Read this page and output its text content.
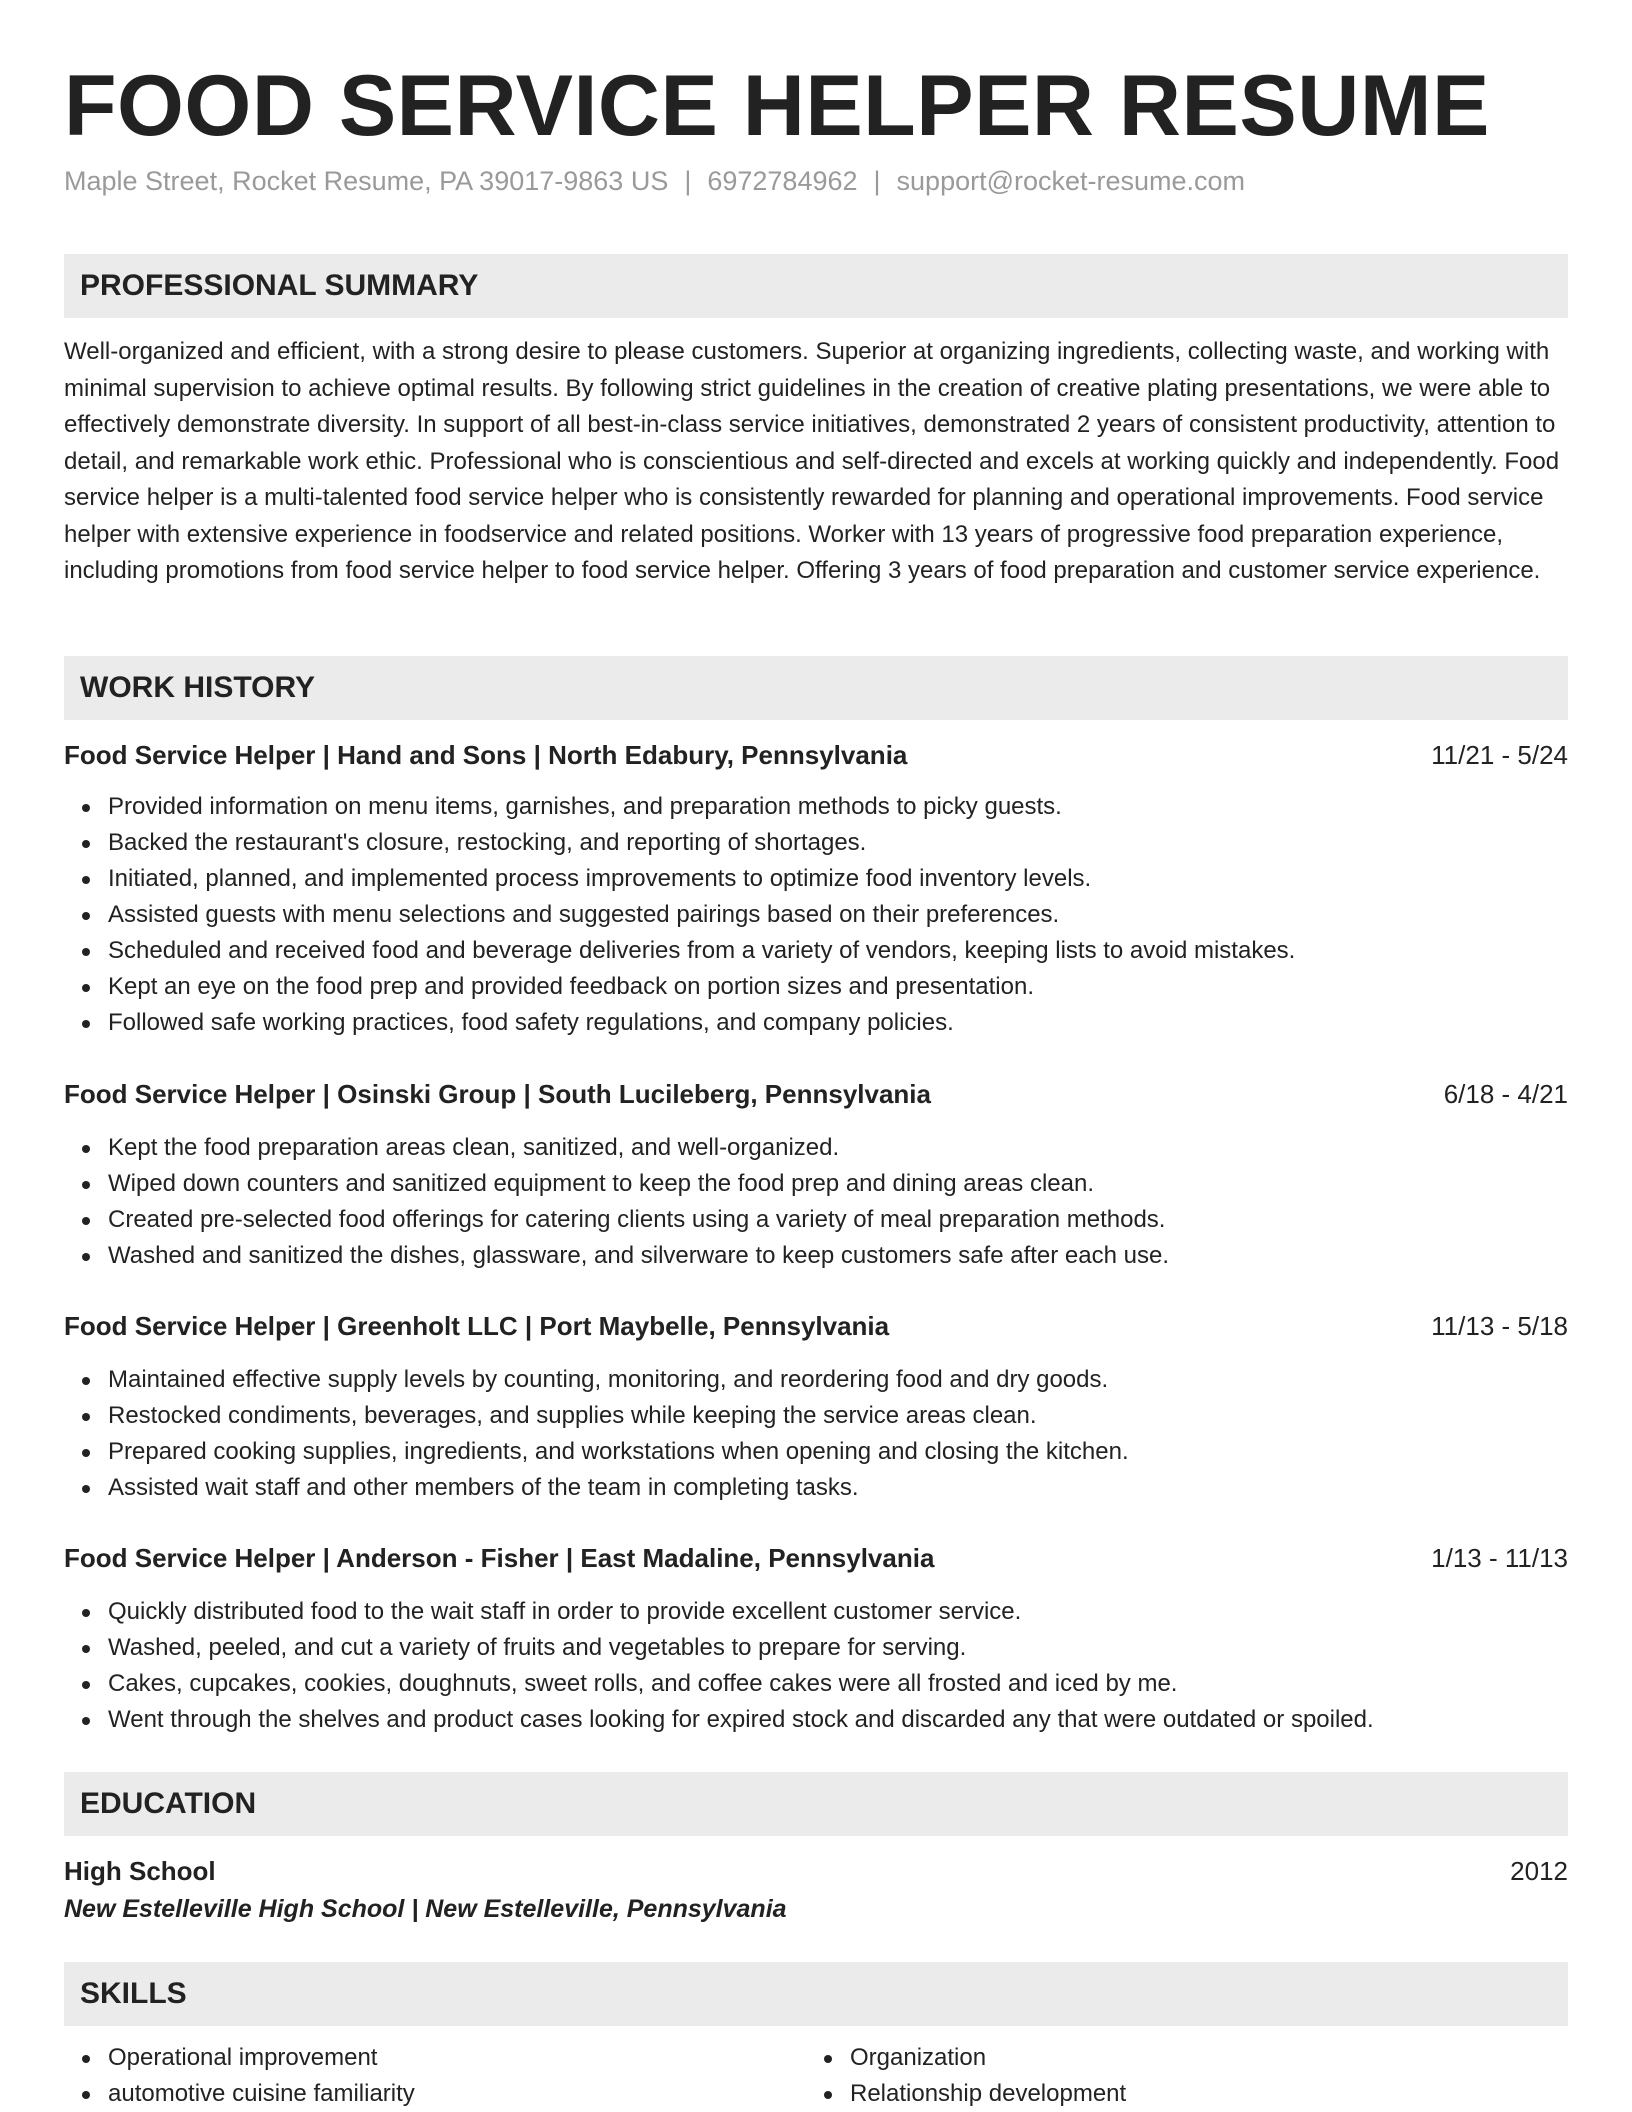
FOOD SERVICE HELPER RESUME
Maple Street, Rocket Resume, PA 39017-9863 US | 6972784962 | support@rocket-resume.com
PROFESSIONAL SUMMARY

Well-organized and efficient, with a strong desire to please customers. Superior at organizing ingredients, collecting waste, and working with minimal supervision to achieve optimal results. By following strict guidelines in the creation of creative plating presentations, we were able to effectively demonstrate diversity. In support of all best-in-class service initiatives, demonstrated 2 years of consistent productivity, attention to detail, and remarkable work ethic. Professional who is conscientious and self-directed and excels at working quickly and independently. Food service helper is a multi-talented food service helper who is consistently rewarded for planning and operational improvements. Food service helper with extensive experience in foodservice and related positions. Worker with 13 years of progressive food preparation experience, including promotions from food service helper to food service helper. Offering 3 years of food preparation and customer service experience.

WORK HISTORY
Food Service Helper | Hand and Sons | North Edabury, Pennsylvania	11/21 - 5/24
Provided information on menu items, garnishes, and preparation methods to picky guests.
Backed the restaurant's closure, restocking, and reporting of shortages.
Initiated, planned, and implemented process improvements to optimize food inventory levels.
Assisted guests with menu selections and suggested pairings based on their preferences.
Scheduled and received food and beverage deliveries from a variety of vendors, keeping lists to avoid mistakes.
Kept an eye on the food prep and provided feedback on portion sizes and presentation.
Followed safe working practices, food safety regulations, and company policies.
Food Service Helper | Osinski Group | South Lucileberg, Pennsylvania	6/18 - 4/21
Kept the food preparation areas clean, sanitized, and well-organized.
Wiped down counters and sanitized equipment to keep the food prep and dining areas clean.
Created pre-selected food offerings for catering clients using a variety of meal preparation methods.
Washed and sanitized the dishes, glassware, and silverware to keep customers safe after each use.
Food Service Helper | Greenholt LLC | Port Maybelle, Pennsylvania	11/13 - 5/18
Maintained effective supply levels by counting, monitoring, and reordering food and dry goods.
Restocked condiments, beverages, and supplies while keeping the service areas clean.
Prepared cooking supplies, ingredients, and workstations when opening and closing the kitchen.
Assisted wait staff and other members of the team in completing tasks.
Food Service Helper | Anderson - Fisher | East Madaline, Pennsylvania	1/13 - 11/13
Quickly distributed food to the wait staff in order to provide excellent customer service.
Washed, peeled, and cut a variety of fruits and vegetables to prepare for serving.
Cakes, cupcakes, cookies, doughnuts, sweet rolls, and coffee cakes were all frosted and iced by me.
Went through the shelves and product cases looking for expired stock and discarded any that were outdated or spoiled.
EDUCATION
High School	2012
New Estelleville High School | New Estelleville, Pennsylvania
SKILLS
Operational improvement
automotive cuisine familiarity
Organization
Relationship development
